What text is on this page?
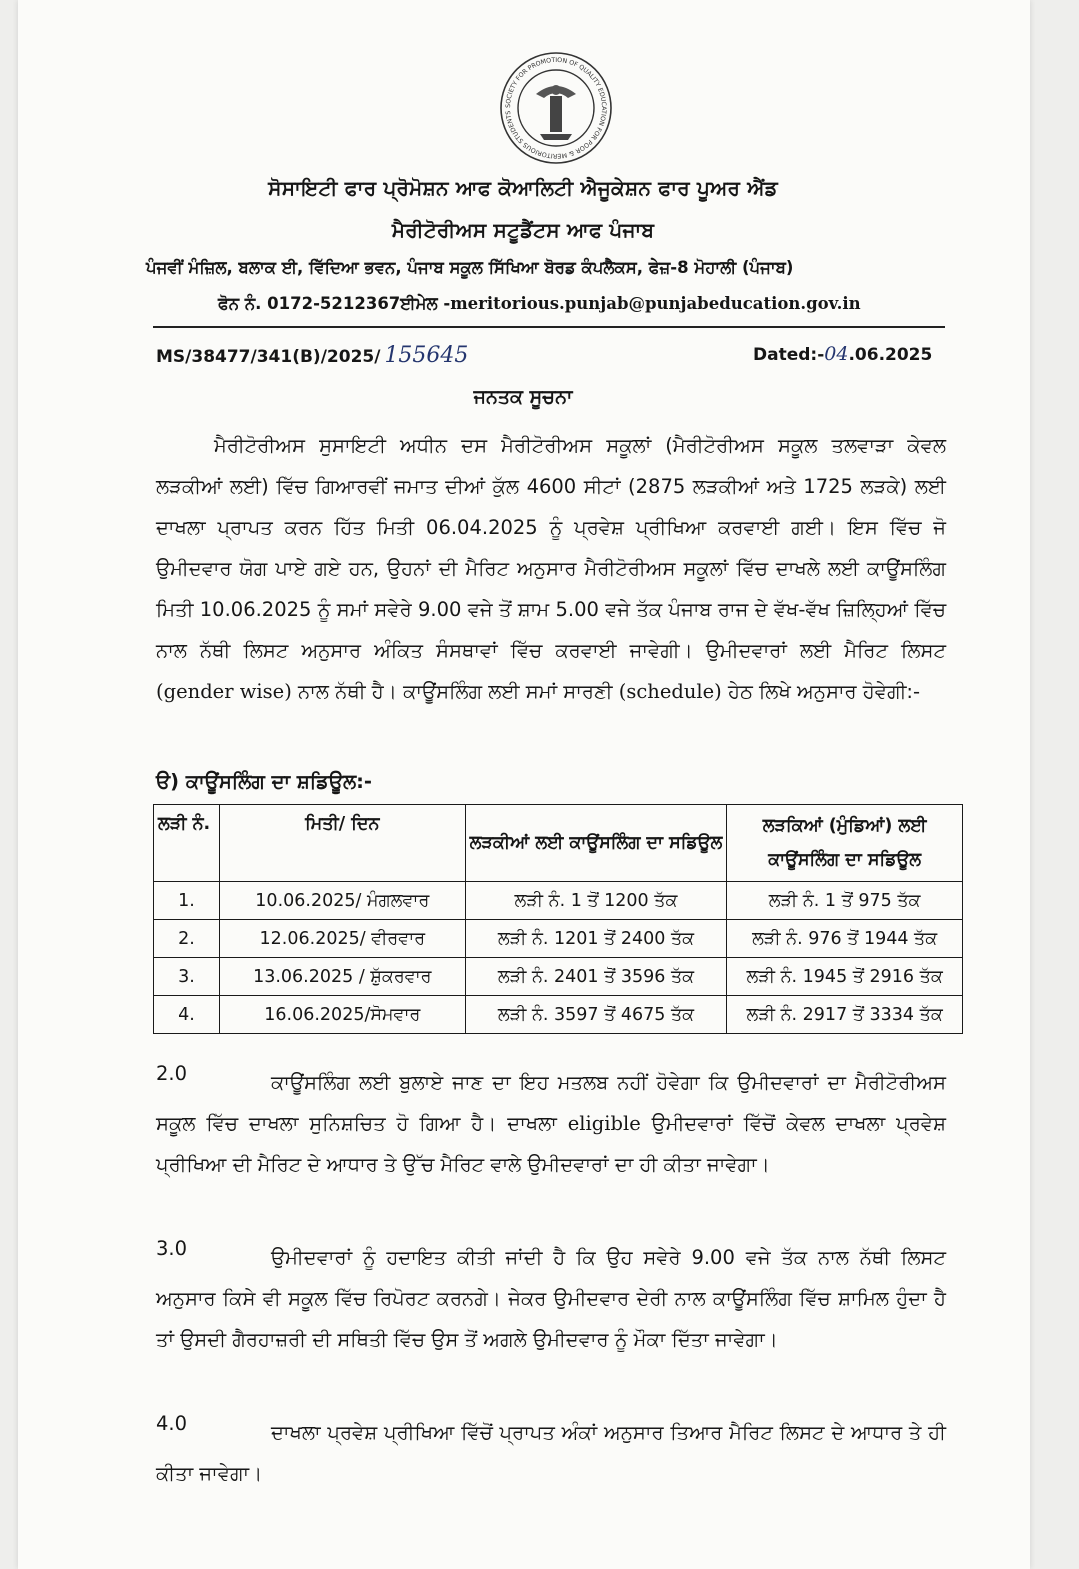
SOCIETY FOR PROMOTION OF QUALITY EDUCATION FOR POOR & MERITORIOUS STUDENTS
ਸੋਸਾਇਟੀ ਫਾਰ ਪ੍ਰੋਮੋਸ਼ਨ ਆਫ ਕੋਆਲਿਟੀ ਐਜੂਕੇਸ਼ਨ ਫਾਰ ਪੂਅਰ ਐਂਡ
ਮੈਰੀਟੋਰੀਅਸ ਸਟੂਡੈਂਟਸ ਆਫ ਪੰਜਾਬ
ਪੰਜਵੀਂ ਮੰਜ਼ਿਲ, ਬਲਾਕ ਈ, ਵਿੱਦਿਆ ਭਵਨ, ਪੰਜਾਬ ਸਕੂਲ ਸਿੱਖਿਆ ਬੋਰਡ ਕੰਪਲੈਕਸ, ਫੇਜ਼-8 ਮੋਹਾਲੀ (ਪੰਜਾਬ)
ਫੋਨ ਨੰ. 0172-5212367ਈਮੇਲ -meritorious.punjab@punjabeducation.gov.in
MS/38477/341(B)/2025/ 155645	Dated:-04.06.2025
ਜਨਤਕ ਸੂਚਨਾ
ਮੈਰੀਟੋਰੀਅਸ ਸੁਸਾਇਟੀ ਅਧੀਨ ਦਸ ਮੈਰੀਟੋਰੀਅਸ ਸਕੂਲਾਂ (ਮੈਰੀਟੋਰੀਅਸ ਸਕੂਲ ਤਲਵਾੜਾ ਕੇਵਲ ਲੜਕੀਆਂ ਲਈ) ਵਿੱਚ ਗਿਆਰਵੀਂ ਜਮਾਤ ਦੀਆਂ ਕੁੱਲ 4600 ਸੀਟਾਂ (2875 ਲੜਕੀਆਂ ਅਤੇ 1725 ਲੜਕੇ) ਲਈ ਦਾਖਲਾ ਪ੍ਰਾਪਤ ਕਰਨ ਹਿੱਤ ਮਿਤੀ 06.04.2025 ਨੂੰ ਪ੍ਰਵੇਸ਼ ਪ੍ਰੀਖਿਆ ਕਰਵਾਈ ਗਈ। ਇਸ ਵਿੱਚ ਜੋ ਉਮੀਦਵਾਰ ਯੋਗ ਪਾਏ ਗਏ ਹਨ, ਉਹਨਾਂ ਦੀ ਮੈਰਿਟ ਅਨੁਸਾਰ ਮੈਰੀਟੋਰੀਅਸ ਸਕੂਲਾਂ ਵਿੱਚ ਦਾਖਲੇ ਲਈ ਕਾਊਂਸਲਿੰਗ ਮਿਤੀ 10.06.2025 ਨੂੰ ਸਮਾਂ ਸਵੇਰੇ 9.00 ਵਜੇ ਤੋਂ ਸ਼ਾਮ 5.00 ਵਜੇ ਤੱਕ ਪੰਜਾਬ ਰਾਜ ਦੇ ਵੱਖ-ਵੱਖ ਜ਼ਿਲ੍ਹਿਆਂ ਵਿੱਚ ਨਾਲ ਨੱਥੀ ਲਿਸਟ ਅਨੁਸਾਰ ਅੰਕਿਤ ਸੰਸਥਾਵਾਂ ਵਿੱਚ ਕਰਵਾਈ ਜਾਵੇਗੀ। ਉਮੀਦਵਾਰਾਂ ਲਈ ਮੈਰਿਟ ਲਿਸਟ (gender wise) ਨਾਲ ਨੱਥੀ ਹੈ। ਕਾਊਂਸਲਿੰਗ ਲਈ ਸਮਾਂ ਸਾਰਣੀ (schedule) ਹੇਠ ਲਿਖੇ ਅਨੁਸਾਰ ਹੋਵੇਗੀ:-
ੳ) ਕਾਊਂਸਲਿੰਗ ਦਾ ਸ਼ਡਿਊਲ:-
ਲੜੀ ਨੰ.	ਮਿਤੀ/ ਦਿਨ	ਲੜਕੀਆਂ ਲਈ ਕਾਊਂਸਲਿੰਗ ਦਾ ਸਡਿਊਲ	ਲੜਕਿਆਂ (ਮੁੰਡਿਆਂ) ਲਈ ਕਾਊਂਸਲਿੰਗ ਦਾ ਸਡਿਊਲ
1.	10.06.2025/ ਮੰਗਲਵਾਰ	ਲੜੀ ਨੰ. 1 ਤੋਂ 1200 ਤੱਕ	ਲੜੀ ਨੰ. 1 ਤੋਂ 975 ਤੱਕ
2.	12.06.2025/ ਵੀਰਵਾਰ	ਲੜੀ ਨੰ. 1201 ਤੋਂ 2400 ਤੱਕ	ਲੜੀ ਨੰ. 976 ਤੋਂ 1944 ਤੱਕ
3.	13.06.2025 / ਸ਼ੁੱਕਰਵਾਰ	ਲੜੀ ਨੰ. 2401 ਤੋਂ 3596 ਤੱਕ	ਲੜੀ ਨੰ. 1945 ਤੋਂ 2916 ਤੱਕ
4.	16.06.2025/ਸੋਮਵਾਰ	ਲੜੀ ਨੰ. 3597 ਤੋਂ 4675 ਤੱਕ	ਲੜੀ ਨੰ. 2917 ਤੋਂ 3334 ਤੱਕ
2.0	ਕਾਊਂਸਲਿੰਗ ਲਈ ਬੁਲਾਏ ਜਾਣ ਦਾ ਇਹ ਮਤਲਬ ਨਹੀਂ ਹੋਵੇਗਾ ਕਿ ਉਮੀਦਵਾਰਾਂ ਦਾ ਮੈਰੀਟੋਰੀਅਸ ਸਕੂਲ ਵਿੱਚ ਦਾਖਲਾ ਸੁਨਿਸ਼ਚਿਤ ਹੋ ਗਿਆ ਹੈ। ਦਾਖਲਾ eligible ਉਮੀਦਵਾਰਾਂ ਵਿੱਚੋਂ ਕੇਵਲ ਦਾਖਲਾ ਪ੍ਰਵੇਸ਼ ਪ੍ਰੀਖਿਆ ਦੀ ਮੈਰਿਟ ਦੇ ਆਧਾਰ ਤੇ ਉੱਚ ਮੈਰਿਟ ਵਾਲੇ ਉਮੀਦਵਾਰਾਂ ਦਾ ਹੀ ਕੀਤਾ ਜਾਵੇਗਾ।
3.0	ਉਮੀਦਵਾਰਾਂ ਨੂੰ ਹਦਾਇਤ ਕੀਤੀ ਜਾਂਦੀ ਹੈ ਕਿ ਉਹ ਸਵੇਰੇ 9.00 ਵਜੇ ਤੱਕ ਨਾਲ ਨੱਥੀ ਲਿਸਟ ਅਨੁਸਾਰ ਕਿਸੇ ਵੀ ਸਕੂਲ ਵਿੱਚ ਰਿਪੋਰਟ ਕਰਨਗੇ। ਜੇਕਰ ਉਮੀਦਵਾਰ ਦੇਰੀ ਨਾਲ ਕਾਊਂਸਲਿੰਗ ਵਿੱਚ ਸ਼ਾਮਿਲ ਹੁੰਦਾ ਹੈ ਤਾਂ ਉਸਦੀ ਗੈਰਹਾਜ਼ਰੀ ਦੀ ਸਥਿਤੀ ਵਿੱਚ ਉਸ ਤੋਂ ਅਗਲੇ ਉਮੀਦਵਾਰ ਨੂੰ ਮੌਕਾ ਦਿੱਤਾ ਜਾਵੇਗਾ।
4.0	ਦਾਖਲਾ ਪ੍ਰਵੇਸ਼ ਪ੍ਰੀਖਿਆ ਵਿੱਚੋਂ ਪ੍ਰਾਪਤ ਅੰਕਾਂ ਅਨੁਸਾਰ ਤਿਆਰ ਮੈਰਿਟ ਲਿਸਟ ਦੇ ਆਧਾਰ ਤੇ ਹੀ ਕੀਤਾ ਜਾਵੇਗਾ।
